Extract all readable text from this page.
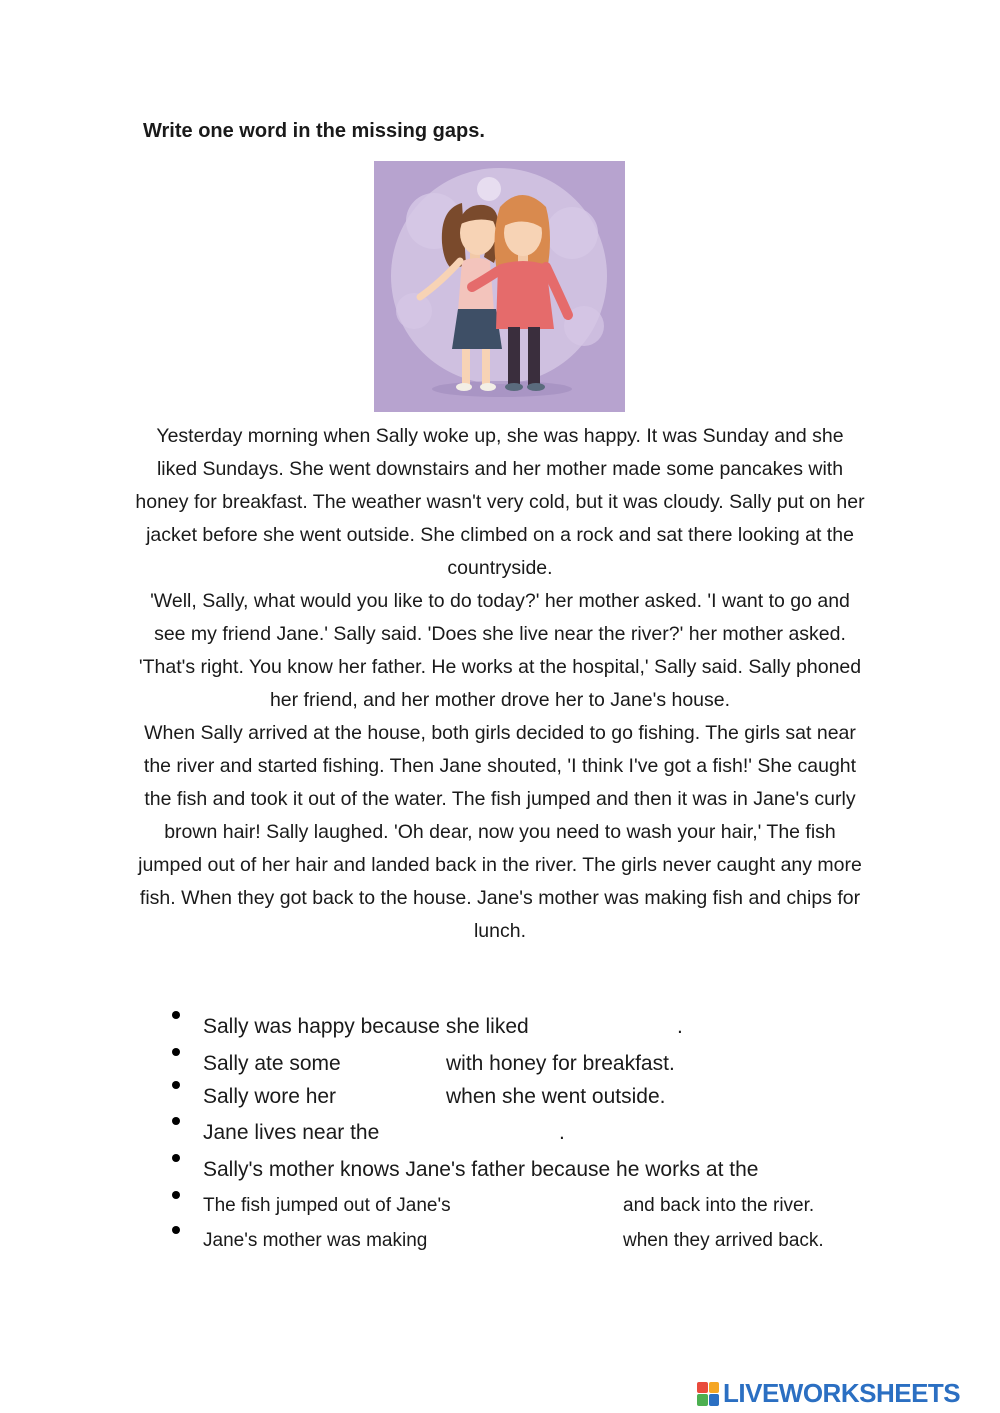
Write one word in the missing gaps.

Yesterday morning when Sally woke up, she was happy. It was Sunday and she liked Sundays. She went downstairs and her mother made some pancakes with honey for breakfast. The weather wasn't very cold, but it was cloudy. Sally put on her jacket before she went outside. She climbed on a rock and sat there looking at the countryside.

'Well, Sally, what would you like to do today?' her mother asked. 'I want to go and see my friend Jane.' Sally said. 'Does she live near the river?' her mother asked. 'That's right. You know her father. He works at the hospital,' Sally said. Sally phoned her friend, and her mother drove her to Jane's house.

When Sally arrived at the house, both girls decided to go fishing. The girls sat near the river and started fishing. Then Jane shouted, 'I think I've got a fish!' She caught the fish and took it out of the water. The fish jumped and then it was in Jane's curly brown hair! Sally laughed. 'Oh dear, now you need to wash your hair,' The fish jumped out of her hair and landed back in the river. The girls never caught any more fish. When they got back to the house. Jane's mother was making fish and chips for lunch.

Sally was happy because she liked	.
Sally ate some	with honey for breakfast.
Sally wore her	when she went outside.
Jane lives near the	.
Sally's mother knows Jane's father because he works at the
The fish jumped out of Jane's	and back into the river.
Jane's mother was making	when they arrived back.
LIVEWORKSHEETS
